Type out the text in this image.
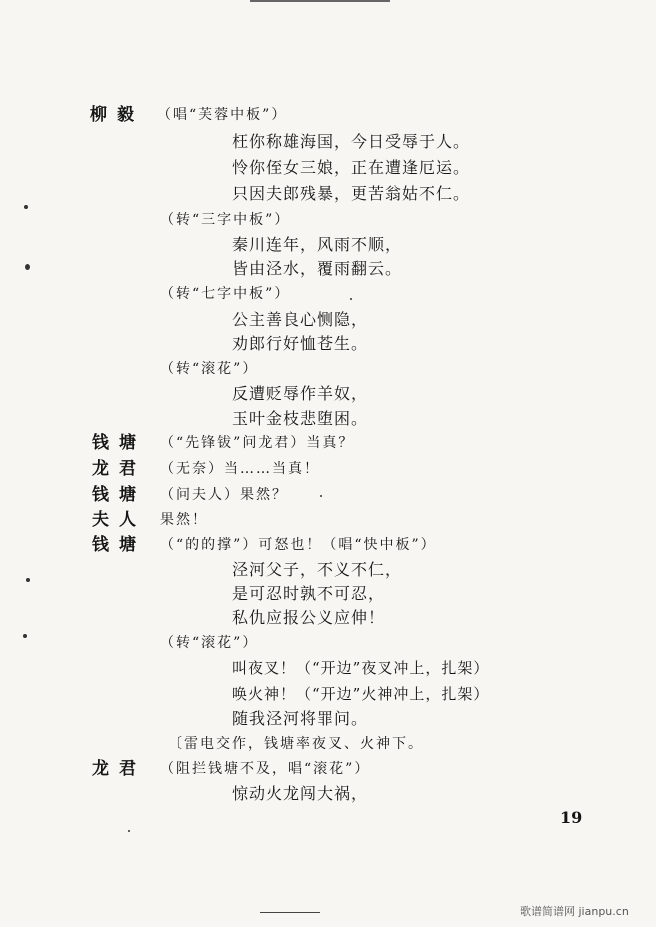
柳毅 （唱“芙蓉中板”）
枉你称雄海国，今日受辱于人。
怜你侄女三娘，正在遭逢厄运。
只因夫郎残暴，更苦翁姑不仁。
（转“三字中板”）
秦川连年，风雨不顺，
皆由泾水，覆雨翻云。
（转“七字中板”）
公主善良心恻隐，
劝郎行好恤苍生。
（转“滚花”）
反遭贬辱作羊奴，
玉叶金枝悲堕困。
钱塘 （“先锋钹”问龙君）当真？
龙君 （无奈）当……当真！
钱塘 （问夫人）果然？
夫人 果然！
钱塘 （“的的撑”）可怒也！（唱“快中板”）
泾河父子，不义不仁，
是可忍时孰不可忍，
私仇应报公义应伸！
（转“滚花”）
叫夜叉！（“开边”夜叉冲上，扎架）
唤火神！（“开边”火神冲上，扎架）
随我泾河将罪问。
〔雷电交作，钱塘率夜叉、火神下。
龙君 （阻拦钱塘不及，唱“滚花”）
惊动火龙闯大祸，
19
歌谱简谱网 jianpu.cn
